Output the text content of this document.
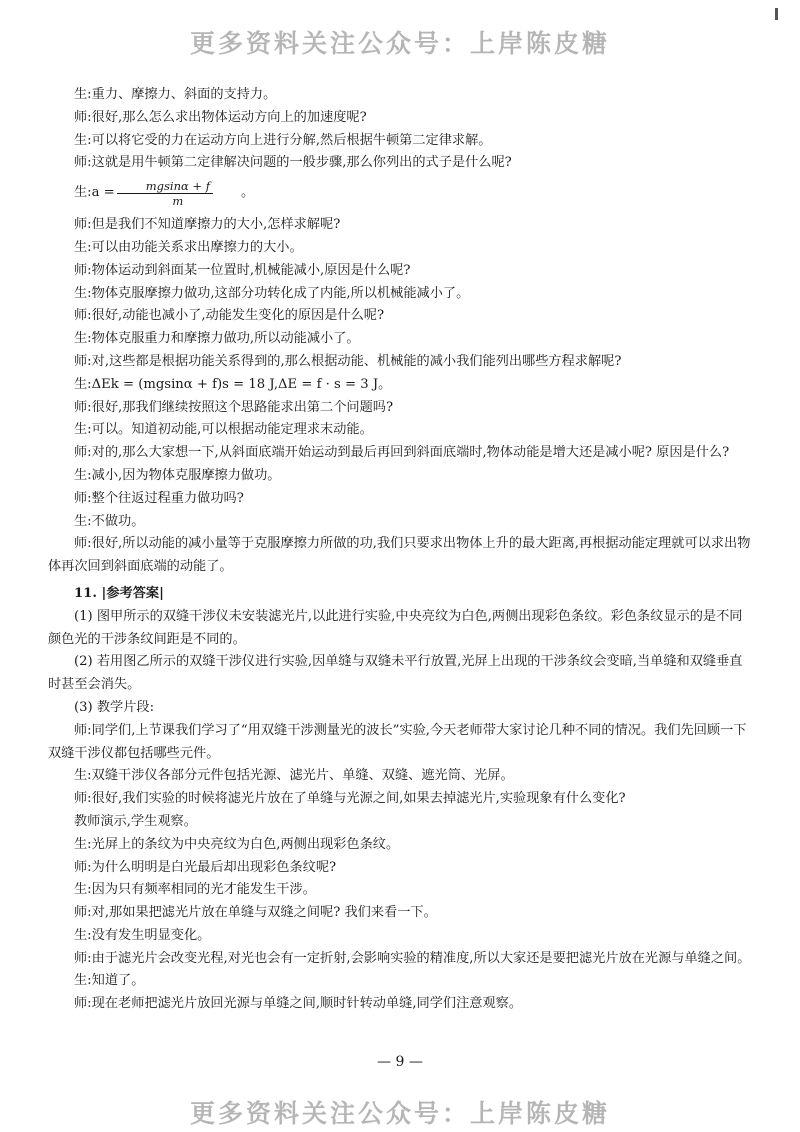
更多资料关注公众号：上岸陈皮糖

生:重力、摩擦力、斜面的支持力。

师:很好,那么怎么求出物体运动方向上的加速度呢?

生:可以将它受的力在运动方向上进行分解,然后根据牛顿第二定律求解。

师:这就是用牛顿第二定律解决问题的一般步骤,那么你列出的式子是什么呢?

生:a = $\frac{mgsin\alpha + f}{m}$	。

师:但是我们不知道摩擦力的大小,怎样求解呢?

生:可以由功能关系求出摩擦力的大小。

师:物体运动到斜面某一位置时,机械能减小,原因是什么呢?

生:物体克服摩擦力做功,这部分功转化成了内能,所以机械能减小了。

师:很好,动能也减小了,动能发生变化的原因是什么呢?

生:物体克服重力和摩擦力做功,所以动能减小了。

师:对,这些都是根据功能关系得到的,那么根据动能、机械能的减小我们能列出哪些方程求解呢?

生:ΔEk = (mgsinα + f)s = 18 J,ΔE = f · s = 3 J。

师:很好,那我们继续按照这个思路能求出第二个问题吗?

生:可以。知道初动能,可以根据动能定理求末动能。

师:对的,那么大家想一下,从斜面底端开始运动到最后再回到斜面底端时,物体动能是增大还是减小呢? 原因是什么?

生:减小,因为物体克服摩擦力做功。

师:整个往返过程重力做功吗?

生:不做功。

师:很好,所以动能的减小量等于克服摩擦力所做的功,我们只要求出物体上升的最大距离,再根据动能定理就可以求出物体再次回到斜面底端的动能了。

11. |参考答案|

(1) 图甲所示的双缝干涉仪未安装滤光片,以此进行实验,中央亮纹为白色,两侧出现彩色条纹。彩色条纹显示的是不同颜色光的干涉条纹间距是不同的。

(2) 若用图乙所示的双缝干涉仪进行实验,因单缝与双缝未平行放置,光屏上出现的干涉条纹会变暗,当单缝和双缝垂直时甚至会消失。

(3) 教学片段:

师:同学们,上节课我们学习了“用双缝干涉测量光的波长”实验,今天老师带大家讨论几种不同的情况。我们先回顾一下双缝干涉仪都包括哪些元件。

生:双缝干涉仪各部分元件包括光源、滤光片、单缝、双缝、遮光筒、光屏。

师:很好,我们实验的时候将滤光片放在了单缝与光源之间,如果去掉滤光片,实验现象有什么变化?

教师演示,学生观察。

生:光屏上的条纹为中央亮纹为白色,两侧出现彩色条纹。

师:为什么明明是白光最后却出现彩色条纹呢?

生:因为只有频率相同的光才能发生干涉。

师:对,那如果把滤光片放在单缝与双缝之间呢? 我们来看一下。

生:没有发生明显变化。

师:由于滤光片会改变光程,对光也会有一定折射,会影响实验的精准度,所以大家还是要把滤光片放在光源与单缝之间。

生:知道了。

师:现在老师把滤光片放回光源与单缝之间,顺时针转动单缝,同学们注意观察。

— 9 —
更多资料关注公众号：上岸陈皮糖
